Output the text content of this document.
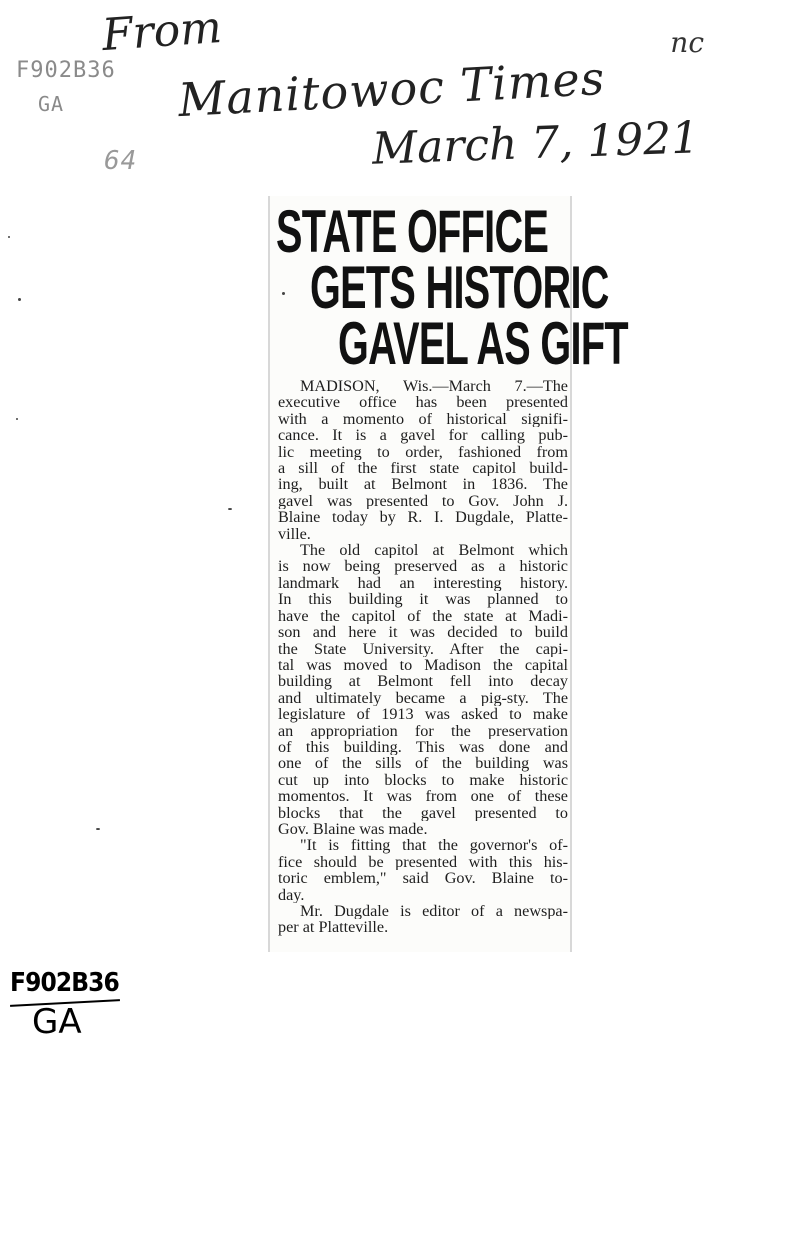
From
Manitowoc Times
March 7, 1921
nc
F902B36
GA
64
STATE OFFICE
GETS HISTORIC
GAVEL AS GIFT
MADISON, Wis.—March 7.—The
executive office has been presented
with a momento of historical signifi-
cance. It is a gavel for calling pub-
lic meeting to order, fashioned from
a sill of the first state capitol build-
ing, built at Belmont in 1836. The
gavel was presented to Gov. John J.
Blaine today by R. I. Dugdale, Platte-
ville.
The old capitol at Belmont which
is now being preserved as a historic
landmark had an interesting history.
In this building it was planned to
have the capitol of the state at Madi-
son and here it was decided to build
the State University. After the capi-
tal was moved to Madison the capital
building at Belmont fell into decay
and ultimately became a pig-sty. The
legislature of 1913 was asked to make
an appropriation for the preservation
of this building. This was done and
one of the sills of the building was
cut up into blocks to make historic
momentos. It was from one of these
blocks that the gavel presented to
Gov. Blaine was made.
"It is fitting that the governor's of-
fice should be presented with this his-
toric emblem," said Gov. Blaine to-
day.
Mr. Dugdale is editor of a newspa-
per at Platteville.
F902B36
GA
